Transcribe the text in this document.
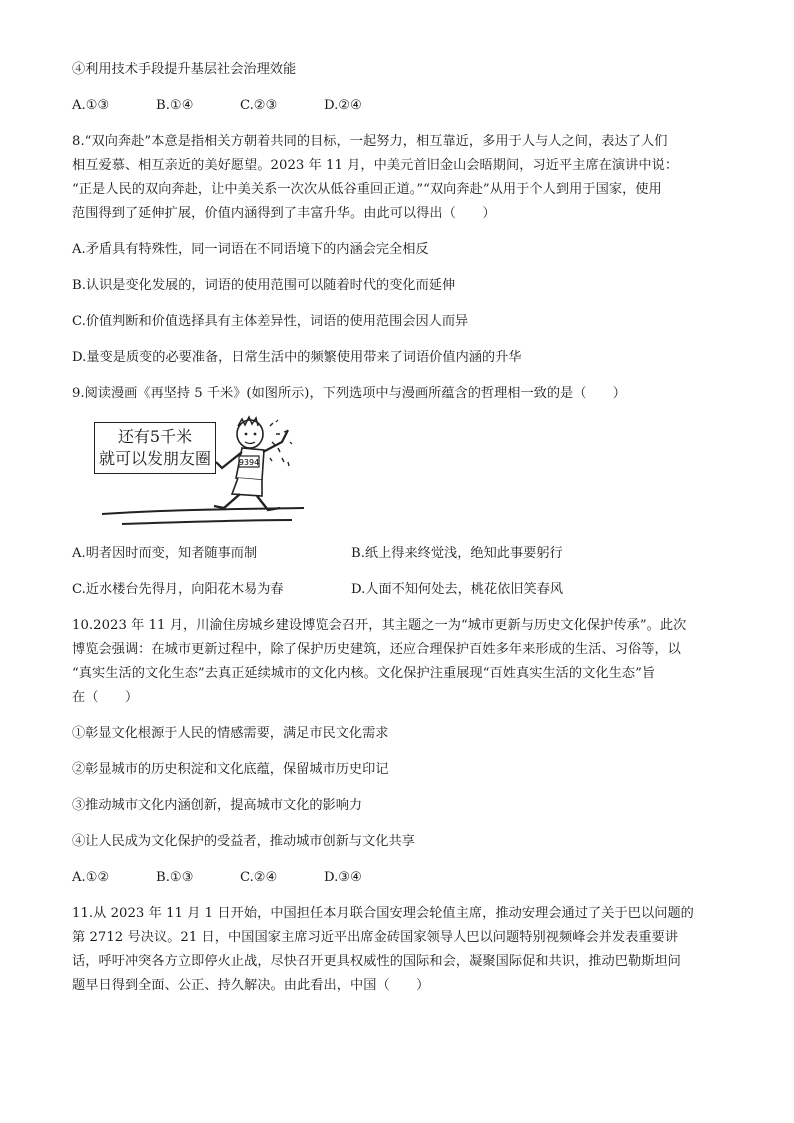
④利用技术手段提升基层社会治理效能

A.①③	B.①④	C.②③	D.②④

8.“双向奔赴”本意是指相关方朝着共同的目标，一起努力，相互靠近，多用于人与人之间，表达了人们

相互爱慕、相互亲近的美好愿望。2023 年 11 月，中美元首旧金山会晤期间，习近平主席在演讲中说：

“正是人民的双向奔赴，让中美关系一次次从低谷重回正道。”“双向奔赴”从用于个人到用于国家，使用

范围得到了延伸扩展，价值内涵得到了丰富升华。由此可以得出（　　）

A.矛盾具有特殊性，同一词语在不同语境下的内涵会完全相反

B.认识是变化发展的，词语的使用范围可以随着时代的变化而延伸

C.价值判断和价值选择具有主体差异性，词语的使用范围会因人而异

D.量变是质变的必要准备，日常生活中的频繁使用带来了词语价值内涵的升华

9.阅读漫画《再坚持 5 千米》(如图所示)，下列选项中与漫画所蕴含的哲理相一致的是（　　）

还有5千米
就可以发朋友圈	9394
A.明者因时而变，知者随事而制	B.纸上得来终觉浅，绝知此事要躬行
C.近水楼台先得月，向阳花木易为春	D.人面不知何处去，桃花依旧笑春风

10.2023 年 11 月，川渝住房城乡建设博览会召开，其主题之一为“城市更新与历史文化保护传承”。此次

博览会强调：在城市更新过程中，除了保护历史建筑，还应合理保护百姓多年来形成的生活、习俗等，以

“真实生活的文化生态”去真正延续城市的文化内核。文化保护注重展现“百姓真实生活的文化生态”旨

在（　　）

①彰显文化根源于人民的情感需要，满足市民文化需求

②彰显城市的历史积淀和文化底蕴，保留城市历史印记

③推动城市文化内涵创新，提高城市文化的影响力

④让人民成为文化保护的受益者，推动城市创新与文化共享

A.①②	B.①③	C.②④	D.③④

11.从 2023 年 11 月 1 日开始，中国担任本月联合国安理会轮值主席，推动安理会通过了关于巴以问题的

第 2712 号决议。21 日，中国国家主席习近平出席金砖国家领导人巴以问题特别视频峰会并发表重要讲

话，呼吁冲突各方立即停火止战，尽快召开更具权威性的国际和会，凝聚国际促和共识，推动巴勒斯坦问

题早日得到全面、公正、持久解决。由此看出，中国（　　）
